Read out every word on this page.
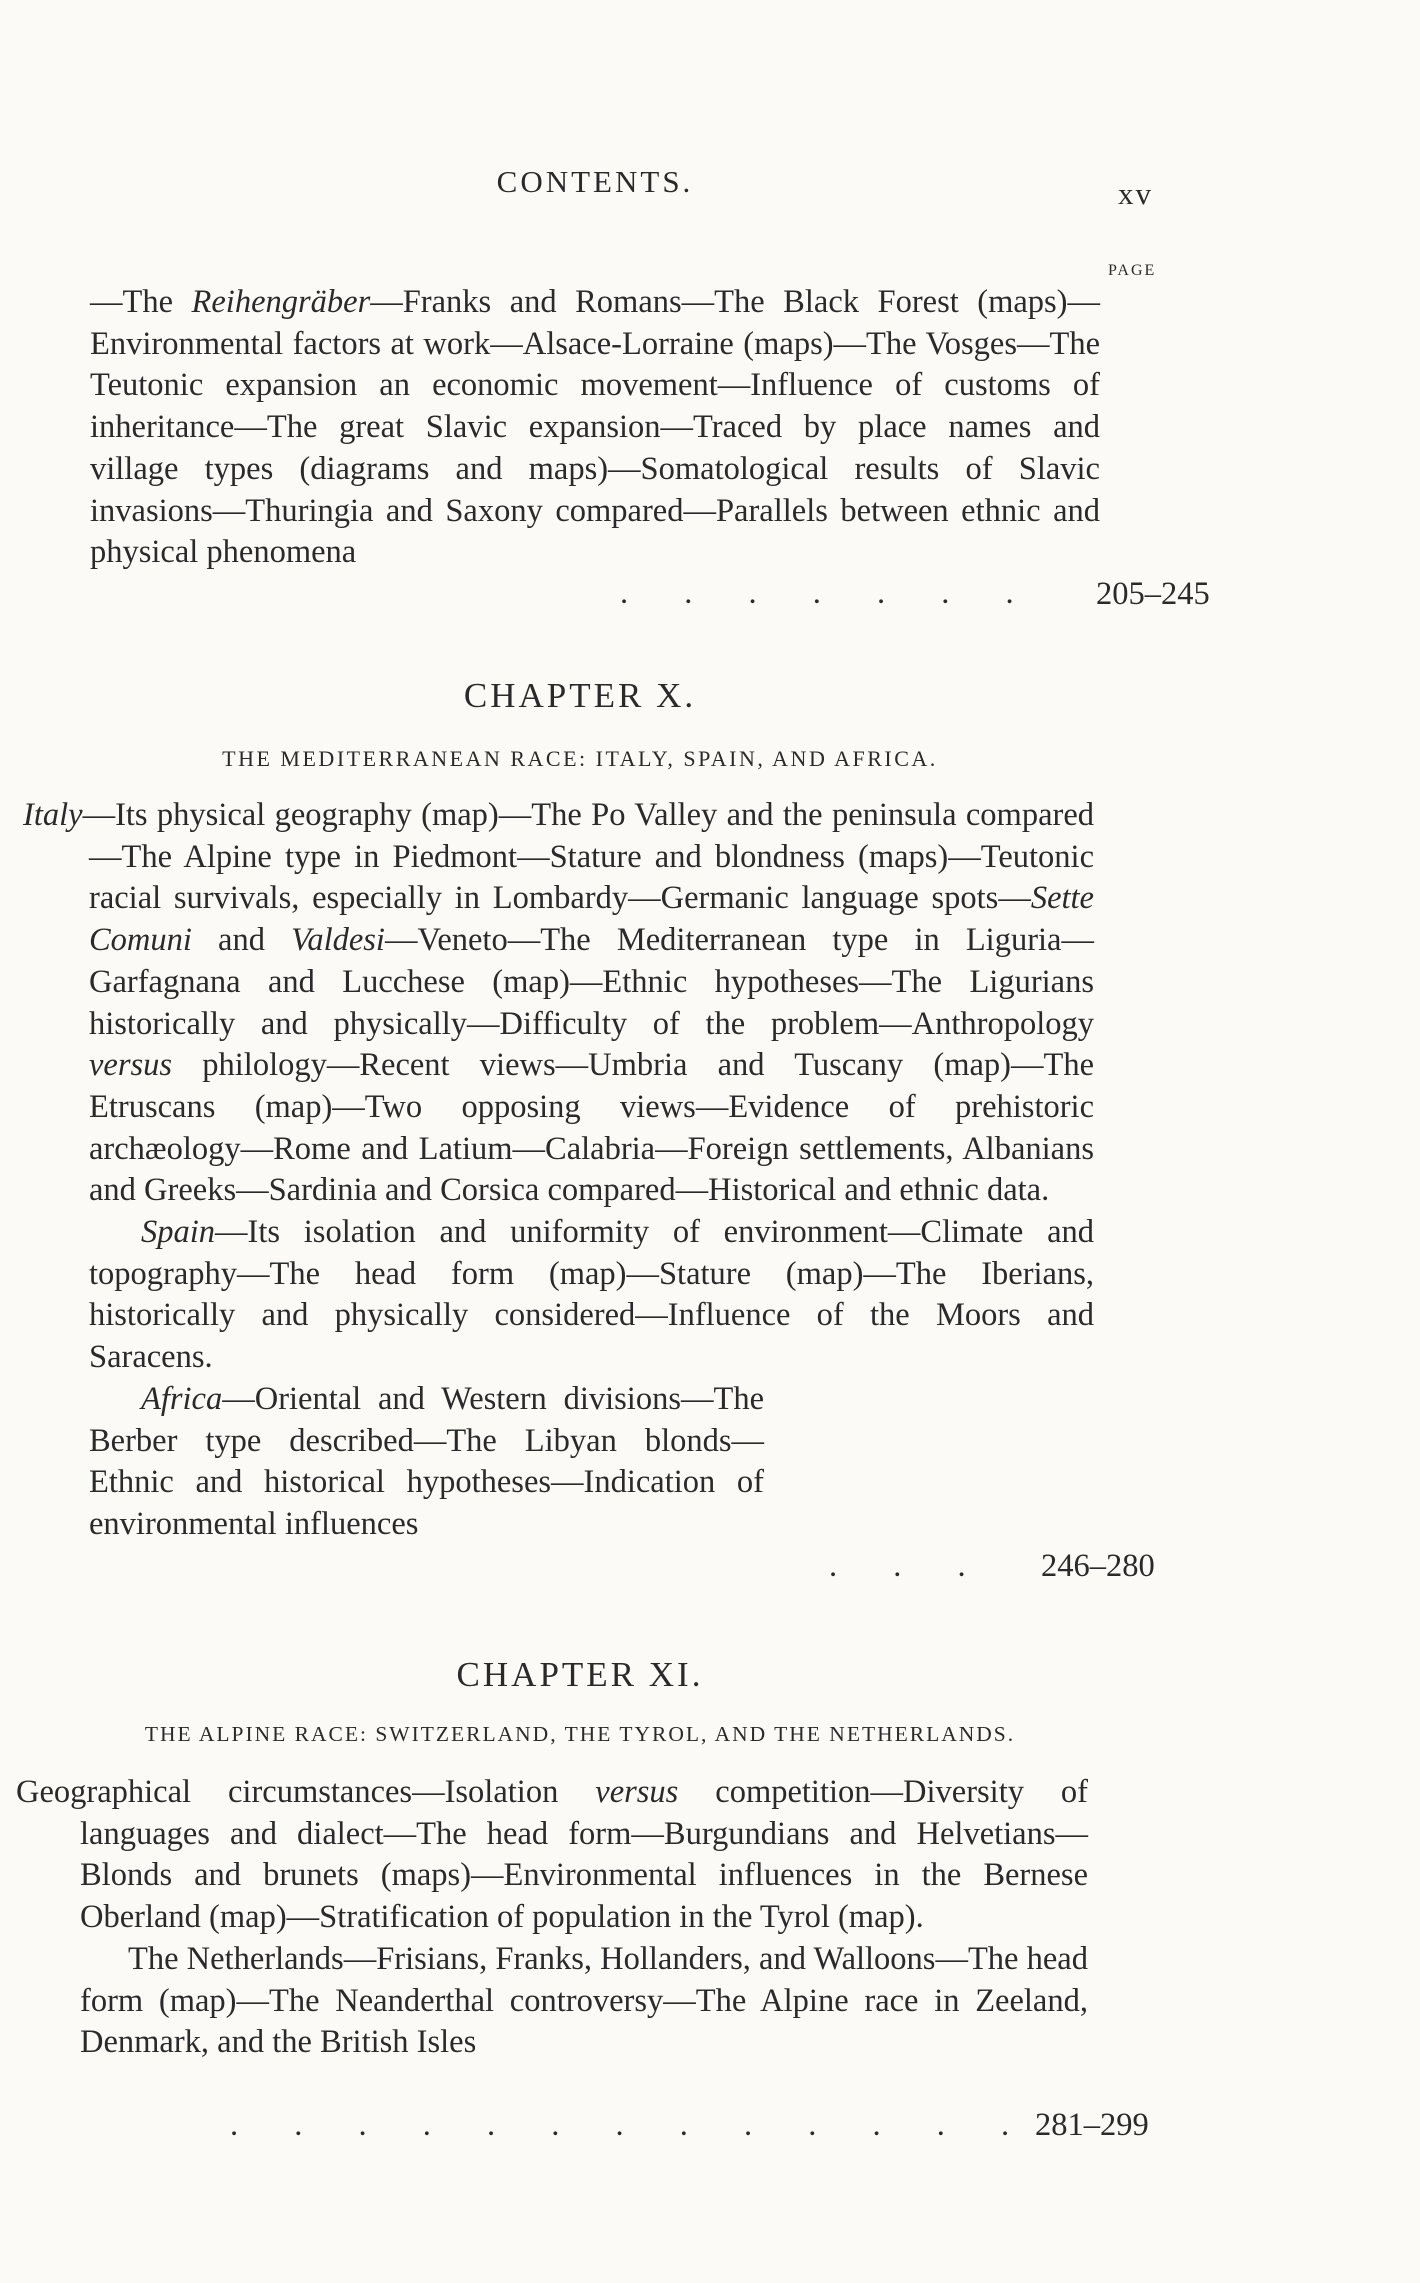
CONTENTS.	xv
PAGE

—The Reihengräber—Franks and Romans—The Black Forest (maps)—Environmental factors at work—Alsace-Lorraine (maps)—The Vosges—The Teutonic expansion an economic movement—Influence of customs of inheritance—The great Slavic expansion—Traced by place names and village types (diagrams and maps)—Somatological results of Slavic invasions—Thuringia and Saxony compared—Parallels between ethnic and physical phenomena

. . . . . . . 205–245
CHAPTER X.
THE MEDITERRANEAN RACE: ITALY, SPAIN, AND AFRICA.

Italy—Its physical geography (map)—The Po Valley and the peninsula compared—The Alpine type in Piedmont—Stature and blondness (maps)—Teutonic racial survivals, especially in Lombardy—Germanic language spots—Sette Comuni and Valdesi—Veneto—The Mediterranean type in Liguria—Garfagnana and Lucchese (map)—Ethnic hypotheses—The Ligurians historically and physically—Difficulty of the problem—Anthropology versus philology—Recent views—Umbria and Tuscany (map)—The Etruscans (map)—Two opposing views—Evidence of prehistoric archæology—Rome and Latium—Calabria—Foreign settlements, Albanians and Greeks—Sardinia and Corsica compared—Historical and ethnic data.

Spain—Its isolation and uniformity of environment—Climate and topography—The head form (map)—Stature (map)—The Iberians, historically and physically considered—Influence of the Moors and Saracens.

Africa—Oriental and Western divisions—The Berber type described—The Libyan blonds—Ethnic and historical hypotheses—Indication of environmental influences

. . . 246–280
CHAPTER XI.
THE ALPINE RACE: SWITZERLAND, THE TYROL, AND THE NETHERLANDS.

Geographical circumstances—Isolation versus competition—Diversity of languages and dialect—The head form—Burgundians and Helvetians—Blonds and brunets (maps)—Environmental influences in the Bernese Oberland (map)—Stratification of population in the Tyrol (map).

The Netherlands—Frisians, Franks, Hollanders, and Walloons—The head form (map)—The Neanderthal controversy—The Alpine race in Zeeland, Denmark, and the British Isles

. . . . . . . . . . . . . 281–299
